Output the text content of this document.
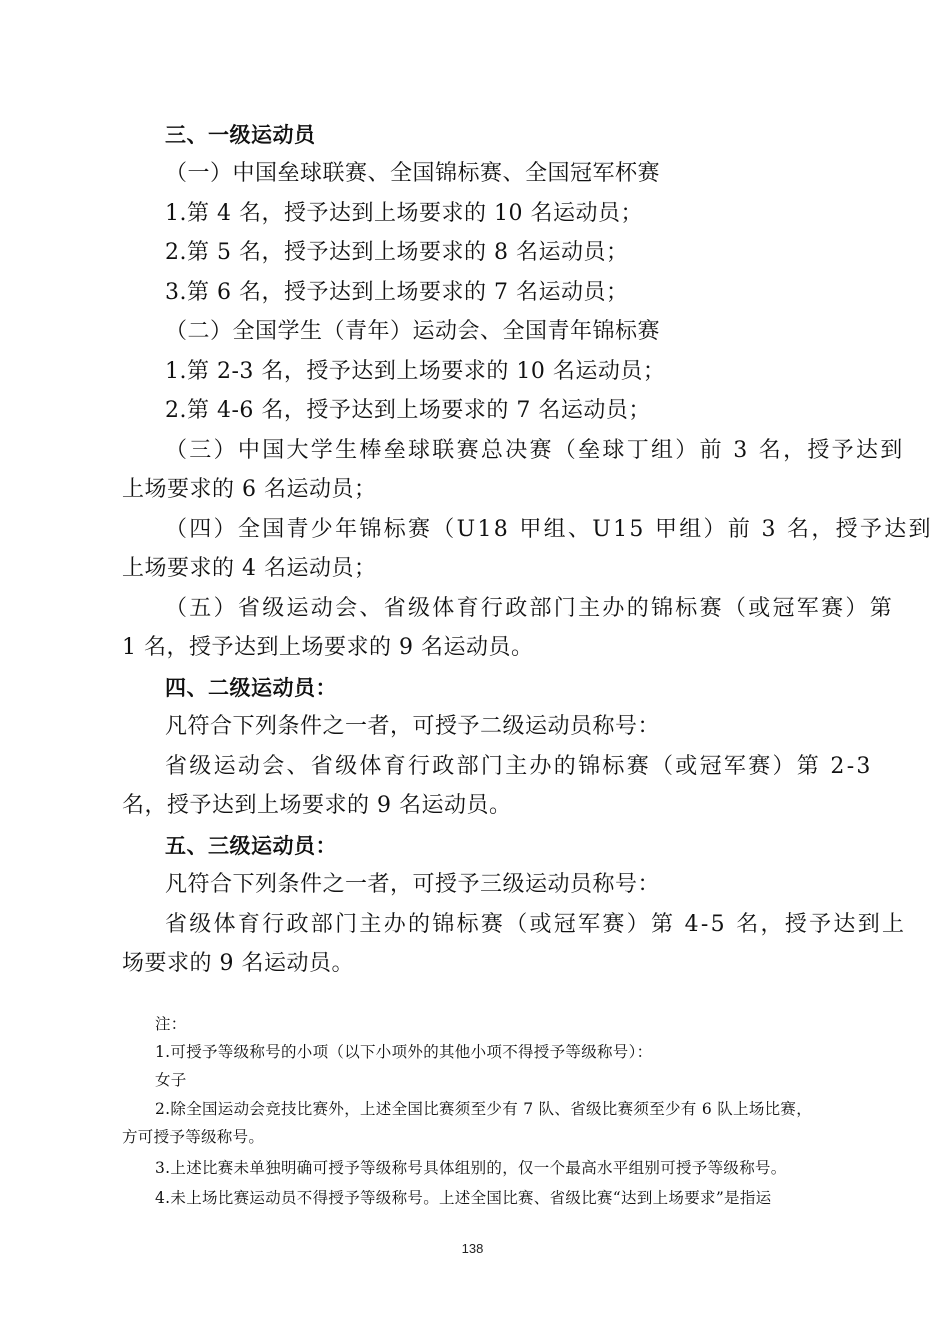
三、一级运动员
（一）中国垒球联赛、全国锦标赛、全国冠军杯赛
1.第 4 名，授予达到上场要求的 10 名运动员；
2.第 5 名，授予达到上场要求的 8 名运动员；
3.第 6 名，授予达到上场要求的 7 名运动员；
（二）全国学生（青年）运动会、全国青年锦标赛
1.第 2-3 名，授予达到上场要求的 10 名运动员；
2.第 4-6 名，授予达到上场要求的 7 名运动员；
（三）中国大学生棒垒球联赛总决赛（垒球丁组）前 3 名，授予达到
上场要求的 6 名运动员；
（四）全国青少年锦标赛（U18 甲组、U15 甲组）前 3 名，授予达到
上场要求的 4 名运动员；
（五）省级运动会、省级体育行政部门主办的锦标赛（或冠军赛）第
1 名，授予达到上场要求的 9 名运动员。
四、二级运动员：
凡符合下列条件之一者，可授予二级运动员称号：
省级运动会、省级体育行政部门主办的锦标赛（或冠军赛）第 2-3
名，授予达到上场要求的 9 名运动员。
五、三级运动员：
凡符合下列条件之一者，可授予三级运动员称号：
省级体育行政部门主办的锦标赛（或冠军赛）第 4-5 名，授予达到上
场要求的 9 名运动员。
注：
1.可授予等级称号的小项（以下小项外的其他小项不得授予等级称号）：
女子
2.除全国运动会竞技比赛外，上述全国比赛须至少有 7 队、省级比赛须至少有 6 队上场比赛，
方可授予等级称号。
3.上述比赛未单独明确可授予等级称号具体组别的，仅一个最高水平组别可授予等级称号。
4.未上场比赛运动员不得授予等级称号。上述全国比赛、省级比赛“达到上场要求”是指运
138
